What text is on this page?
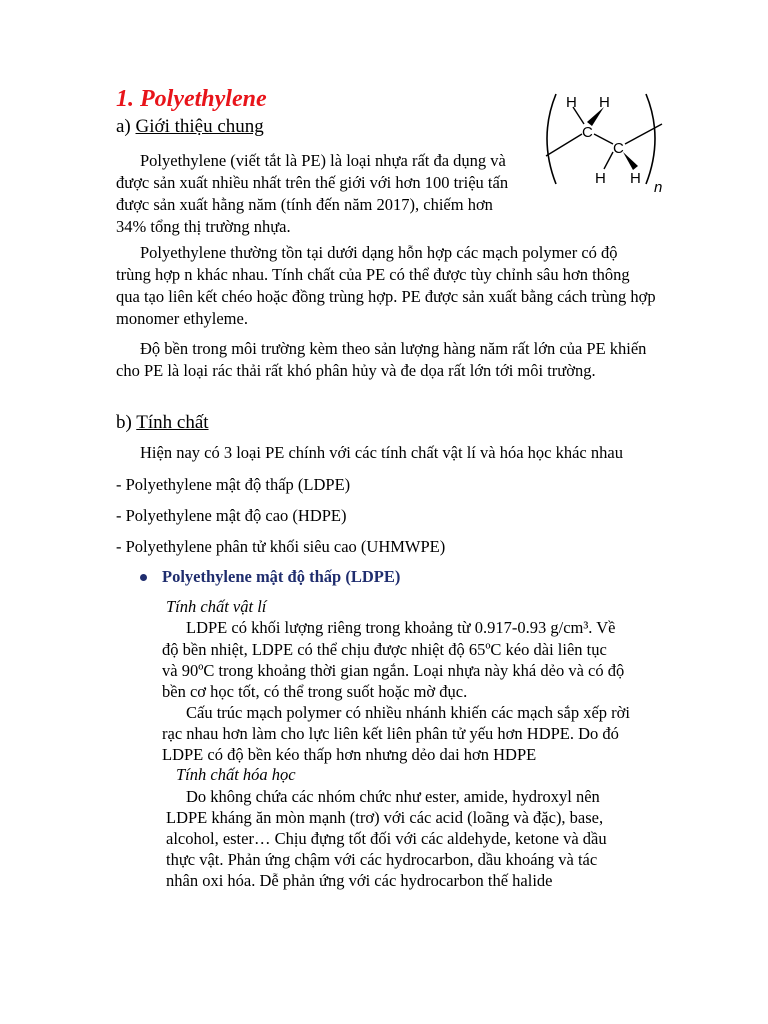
1. Polyethylene
a) Giới thiệu chung
H H
C
C
H H
n
Polyethylene (viết tắt là PE) là loại nhựa rất đa dụng và được sản xuất nhiều nhất trên thế giới với hơn 100 triệu tấn được sản xuất hằng năm (tính đến năm 2017), chiếm hơn 34% tổng thị trường nhựa.
Polyethylene thường tồn tại dưới dạng hỗn hợp các mạch polymer có độ trùng hợp n khác nhau. Tính chất của PE có thể được tùy chỉnh sâu hơn thông qua tạo liên kết chéo hoặc đồng trùng hợp. PE được sản xuất bằng cách trùng hợp monomer ethyleme.
Độ bền trong môi trường kèm theo sản lượng hàng năm rất lớn của PE khiến cho PE là loại rác thải rất khó phân hủy và đe dọa rất lớn tới môi trường.
b) Tính chất
Hiện nay có 3 loại PE chính với các tính chất vật lí và hóa học khác nhau
- Polyethylene mật độ thấp (LDPE)
- Polyethylene mật độ cao (HDPE)
- Polyethylene phân tử khối siêu cao (UHMWPE)
Polyethylene mật độ thấp (LDPE)
Tính chất vật lí
LDPE có khối lượng riêng trong khoảng từ 0.917-0.93 g/cm³. Về
độ bền nhiệt, LDPE có thể chịu được nhiệt độ 65ºC kéo dài liên tục
và 90ºC trong khoảng thời gian ngắn. Loại nhựa này khá dẻo và có độ
bền cơ học tốt, có thể trong suốt hoặc mờ đục.
Cấu trúc mạch polymer có nhiều nhánh khiến các mạch sắp xếp rời
rạc nhau hơn làm cho lực liên kết liên phân tử yếu hơn HDPE. Do đó
LDPE có độ bền kéo thấp hơn nhưng dẻo dai hơn HDPE
Tính chất hóa học
Do không chứa các nhóm chức như ester, amide, hydroxyl nên
LDPE kháng ăn mòn mạnh (trơ) với các acid (loãng và đặc), base,
alcohol, ester… Chịu đựng tốt đối với các aldehyde, ketone và dầu
thực vật. Phản ứng chậm với các hydrocarbon, dầu khoáng và tác
nhân oxi hóa. Dễ phản ứng với các hydrocarbon thế halide
